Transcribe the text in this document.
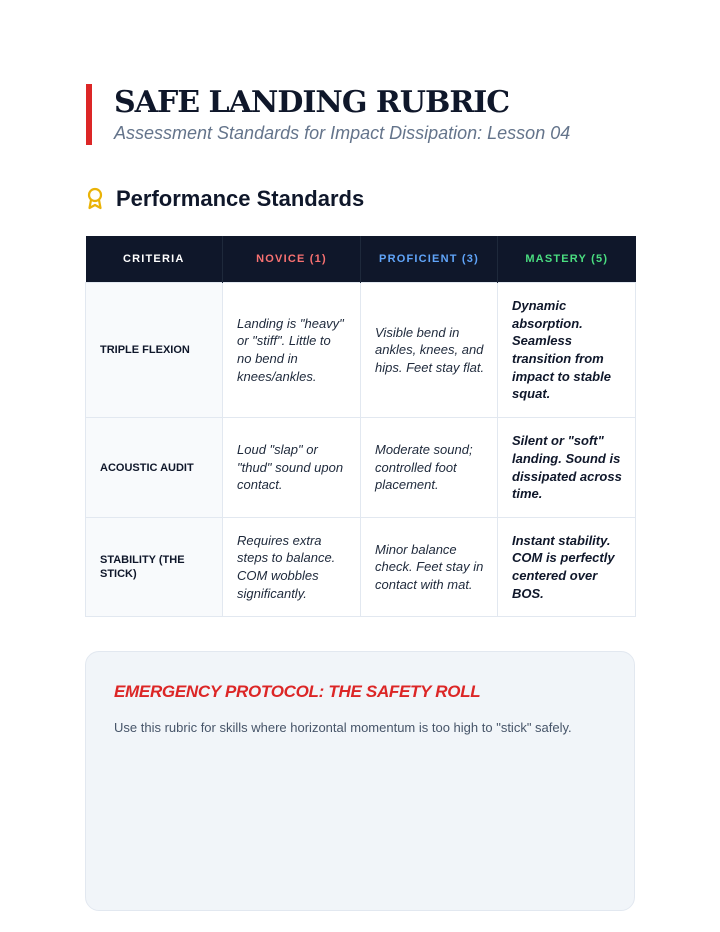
SAFE LANDING RUBRIC

Assessment Standards for Impact Dissipation: Lesson 04

Performance Standards
CRITERIA	NOVICE (1)	PROFICIENT (3)	MASTERY (5)
TRIPLE FLEXION	Landing is "heavy" or "stiff". Little to no bend in knees/ankles.	Visible bend in ankles, knees, and hips. Feet stay flat.	Dynamic absorption. Seamless transition from impact to stable squat.
ACOUSTIC AUDIT	Loud "slap" or "thud" sound upon contact.	Moderate sound; controlled foot placement.	Silent or "soft" landing. Sound is dissipated across time.
STABILITY (THE STICK)	Requires extra steps to balance. COM wobbles significantly.	Minor balance check. Feet stay in contact with mat.	Instant stability. COM is perfectly centered over BOS.
EMERGENCY PROTOCOL: THE SAFETY ROLL

Use this rubric for skills where horizontal momentum is too high to "stick" safely.
